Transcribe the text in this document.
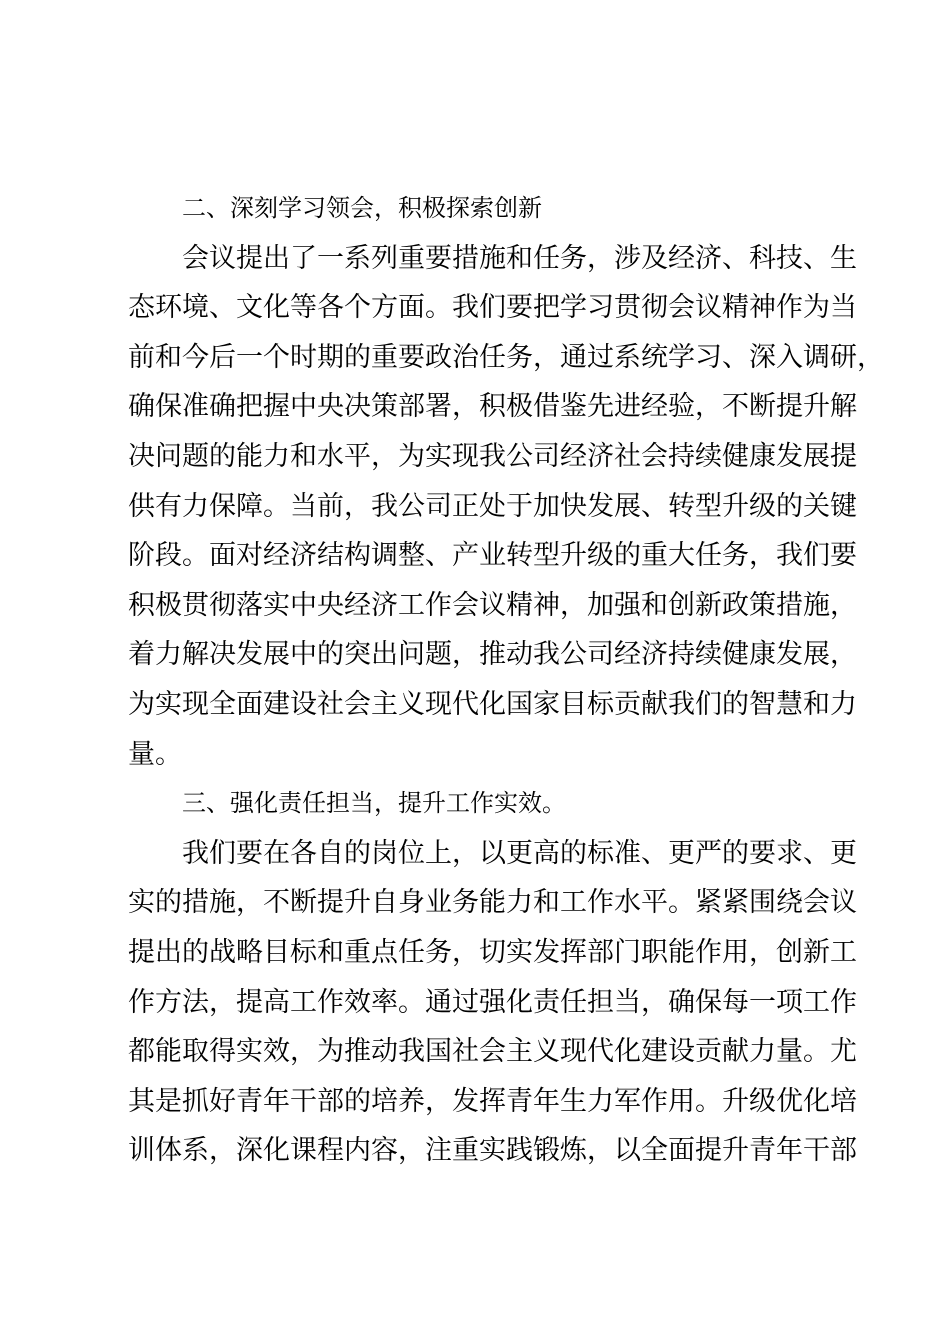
二、深刻学习领会，积极探索创新
会议提出了一系列重要措施和任务，涉及经济、科技、生
态环境、文化等各个方面。我们要把学习贯彻会议精神作为当
前和今后一个时期的重要政治任务，通过系统学习、深入调研，
确保准确把握中央决策部署，积极借鉴先进经验，不断提升解
决问题的能力和水平，为实现我公司经济社会持续健康发展提
供有力保障。当前，我公司正处于加快发展、转型升级的关键
阶段。面对经济结构调整、产业转型升级的重大任务，我们要
积极贯彻落实中央经济工作会议精神，加强和创新政策措施，
着力解决发展中的突出问题，推动我公司经济持续健康发展，
为实现全面建设社会主义现代化国家目标贡献我们的智慧和力
量。
三、强化责任担当，提升工作实效。
我们要在各自的岗位上，以更高的标准、更严的要求、更
实的措施，不断提升自身业务能力和工作水平。紧紧围绕会议
提出的战略目标和重点任务，切实发挥部门职能作用，创新工
作方法，提高工作效率。通过强化责任担当，确保每一项工作
都能取得实效，为推动我国社会主义现代化建设贡献力量。尤
其是抓好青年干部的培养，发挥青年生力军作用。升级优化培
训体系，深化课程内容，注重实践锻炼，以全面提升青年干部
